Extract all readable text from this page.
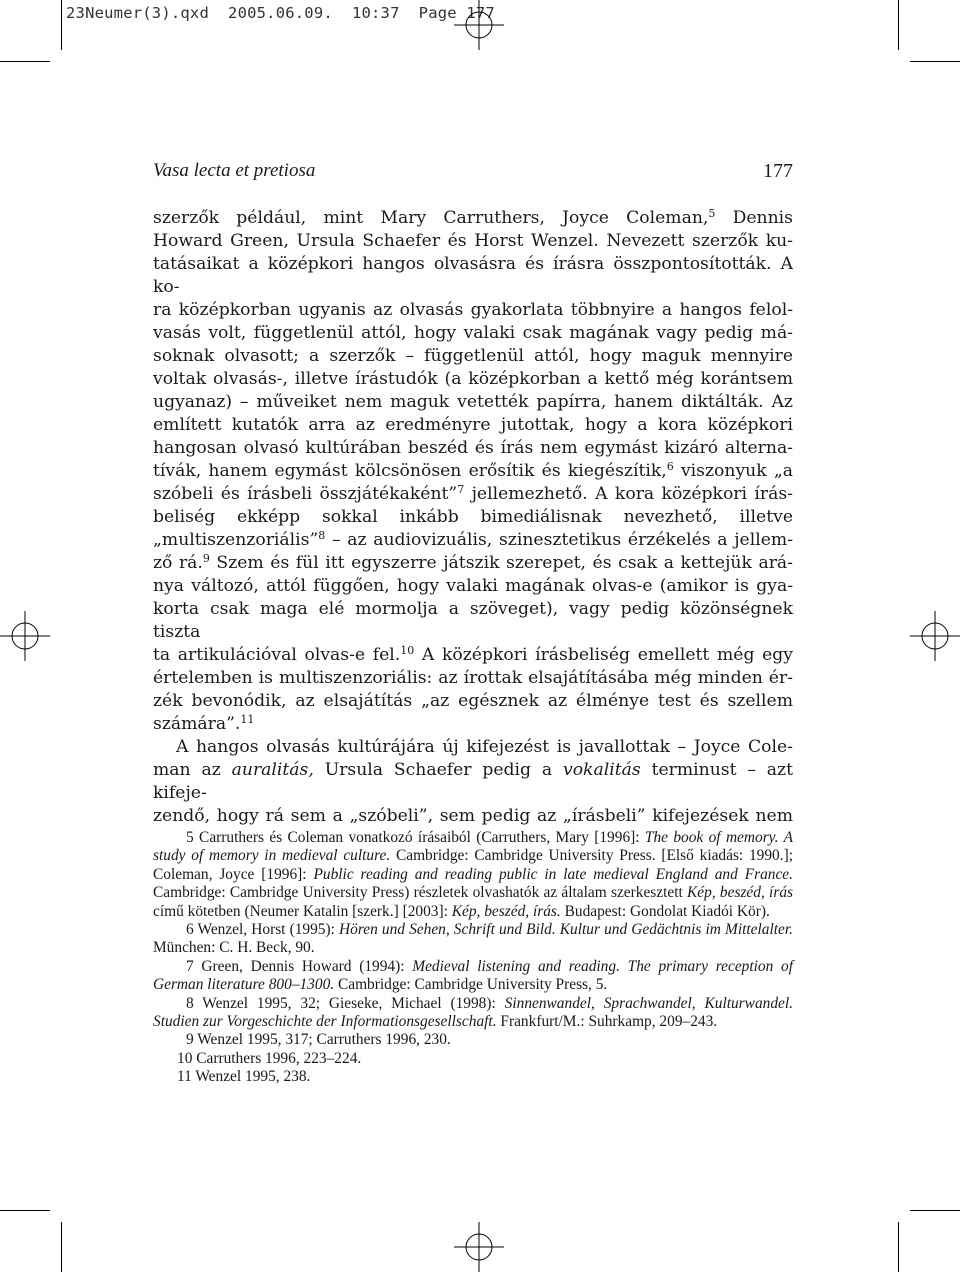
23Neumer(3).qxd  2005.06.09.  10:37  Page 177
Vasa lecta et pretiosa	177
szerzők például, mint Mary Carruthers, Joyce Coleman,$^5$ Dennis
Howard Green, Ursula Schaefer és Horst Wenzel. Nevezett szerzők ku-
tatásaikat a középkori hangos olvasásra és írásra összpontosították. A ko-
ra középkorban ugyanis az olvasás gyakorlata többnyire a hangos felol-
vasás volt, függetlenül attól, hogy valaki csak magának vagy pedig má-
soknak olvasott; a szerzők – függetlenül attól, hogy maguk mennyire
voltak olvasás-, illetve írástudók (a középkorban a kettő még korántsem
ugyanaz) – műveiket nem maguk vetették papírra, hanem diktálták. Az
említett kutatók arra az eredményre jutottak, hogy a kora középkori
hangosan olvasó kultúrában beszéd és írás nem egymást kizáró alterna-
tívák, hanem egymást kölcsönösen erősítik és kiegészítik,$^6$ viszonyuk „a
szóbeli és írásbeli összjátékaként”$^7$ jellemezhető. A kora középkori írás-
beliség ekképp sokkal inkább bimediálisnak nevezhető, illetve
„multiszenzoriális”$^8$ – az audiovizuális, szinesztetikus érzékelés a jellem-
ző rá.$^9$ Szem és fül itt egyszerre játszik szerepet, és csak a kettejük ará-
nya változó, attól függően, hogy valaki magának olvas-e (amikor is gya-
korta csak maga elé mormolja a szöveget), vagy pedig közönségnek tiszta
ta artikulációval olvas-e fel.$^{10}$ A középkori írásbeliség emellett még egy
értelemben is multiszenzoriális: az írottak elsajátításába még minden ér-
zék bevonódik, az elsajátítás „az egésznek az élménye test és szellem
számára”.$^{11}$
A hangos olvasás kultúrájára új kifejezést is javallottak – Joyce Cole-
man az auralitás, Ursula Schaefer pedig a vokalitás terminust – azt kifeje-
zendő, hogy rá sem a „szóbeli”, sem pedig az „írásbeli” kifejezések nem

5 Carruthers és Coleman vonatkozó írásaiból (Carruthers, Mary [1996]: The book of memory. A study of memory in medieval culture. Cambridge: Cambridge University Press. [Első kiadás: 1990.]; Coleman, Joyce [1996]: Public reading and reading public in late medieval England and France. Cambridge: Cambridge University Press) részletek olvashatók az általam szerkesztett Kép, beszéd, írás című kötetben (Neumer Katalin [szerk.] [2003]: Kép, beszéd, írás. Budapest: Gondolat Kiadói Kör).

6 Wenzel, Horst (1995): Hören und Sehen, Schrift und Bild. Kultur und Gedächtnis im Mittelalter. München: C. H. Beck, 90.

7 Green, Dennis Howard (1994): Medieval listening and reading. The primary reception of German literature 800–1300. Cambridge: Cambridge University Press, 5.

8 Wenzel 1995, 32; Gieseke, Michael (1998): Sinnenwandel, Sprachwandel, Kulturwandel. Studien zur Vorgeschichte der Informationsgesellschaft. Frankfurt/M.: Suhrkamp, 209–243.

9 Wenzel 1995, 317; Carruthers 1996, 230.

10 Carruthers 1996, 223–224.

11 Wenzel 1995, 238.
